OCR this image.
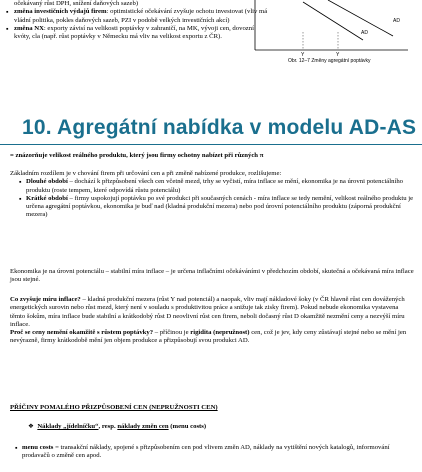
očekávaný růst DPH, snížení daňových sazeb)
▪ změna investičních výdajů firem: optimistické očekávání zvyšuje ochotu investovat (vliv má vládní politika, pokles daňových sazeb, PZI v podobě velkých investičních akcí)
▪ změna NX: exporty závisí na velikosti poptávky v zahraničí, na MK, vývoji cen, dovozní kvóty, cla (např. růst poptávky v Německu má vliv na velikost exportu z ČR).
AD
AD
Y	Y
Obr. 12–7 Změny agregátní poptávky
10. Agregátní nabídka v modelu AD-AS
= znázorňuje velikost reálného produktu, který jsou firmy ochotny nabízet při různých π

Základním rozdílem je v chování firem při určování cen a při změně nabízené produkce, rozlišujeme:

▪ Dlouhé období – dochází k přizpůsobení všech cen včetně mezd, trhy se vyčistí, míra inflace se mění, ekonomika je na úrovni potenciálního produktu (roste tempem, které odpovídá růstu potenciálu)
▪ Krátké období – firmy uspokojují poptávku po své produkci při současných cenách - míra inflace se tedy nemění, velikost reálného produktu je určena agregátní poptávkou, ekonomika je buď nad (kladná produkční mezera) nebo pod úrovní potenciálního produktu (záporná produkční mezera)
Ekonomika je na úrovni potenciálu – stabilní míra inflace – je určena inflačními očekáváními v předchozím období, skutečná a očekávaná míra inflace jsou stejné.

Co zvyšuje míru inflace? – kladná produkční mezera (růst Y nad potenciál) a naopak, vliv mají nákladové šoky (v ČR hlavně růst cen dovážených energetických surovin nebo růst mezd, který není v souladu s produktivitou práce a snižuje tak zisky firem). Pokud nebude ekonomika vystavena těmto šokům, míra inflace bude stabilní a krátkodobý růst D neovlivní růst cen firem, neboli dočasný růst D okamžitě nezmění ceny a nezvýší míru inflace.

Proč se ceny nemění okamžitě s růstem poptávky? – příčinou je rigidita (nepružnost) cen, což je jev, kdy ceny zůstávají stejné nebo se mění jen nevýrazně, firmy krátkodobě mění jen objem produkce a přizpůsobují svou produkci AD.

PŘÍČINY POMALÉHO PŘIZPŮSOBENÍ CEN (NEPRUŽNOSTI CEN)
❖  Náklady „jídelníčku“, resp. náklady změn cen (menu costs)
▪ menu costs = transakční náklady, spojené s přizpůsobením cen pod vlivem změn AD, náklady na vytištění nových katalogů, informování prodavačů o změně cen apod.
